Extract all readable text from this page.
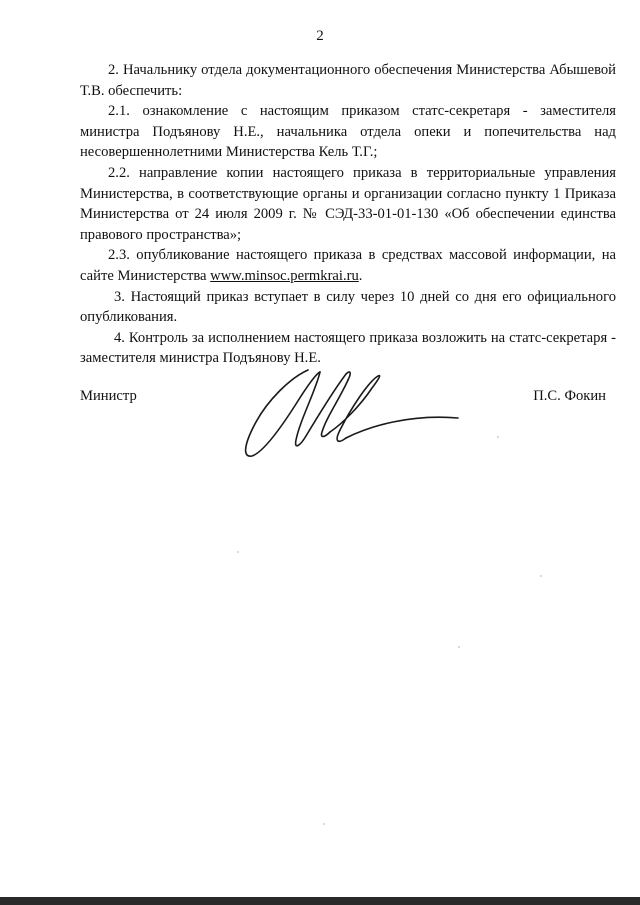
2

2. Начальнику отдела документационного обеспечения Министерства Абышевой Т.В. обеспечить:

2.1. ознакомление с настоящим приказом статс-секретаря - заместителя министра Подъянову Н.Е., начальника отдела опеки и попечительства над несовершеннолетними Министерства Кель Т.Г.;

2.2. направление копии настоящего приказа в территориальные управления Министерства, в соответствующие органы и организации согласно пункту 1 Приказа Министерства от 24 июля 2009 г. № СЭД-33-01-01-130 «Об обеспечении единства правового пространства»;

2.3. опубликование настоящего приказа в средствах массовой информации, на сайте Министерства www.minsoc.permkrai.ru.

3. Настоящий приказ вступает в силу через 10 дней со дня его официального опубликования.

4. Контроль за исполнением настоящего приказа возложить на статс-секретаря - заместителя министра Подъянову Н.Е.

Министр	П.С. Фокин
